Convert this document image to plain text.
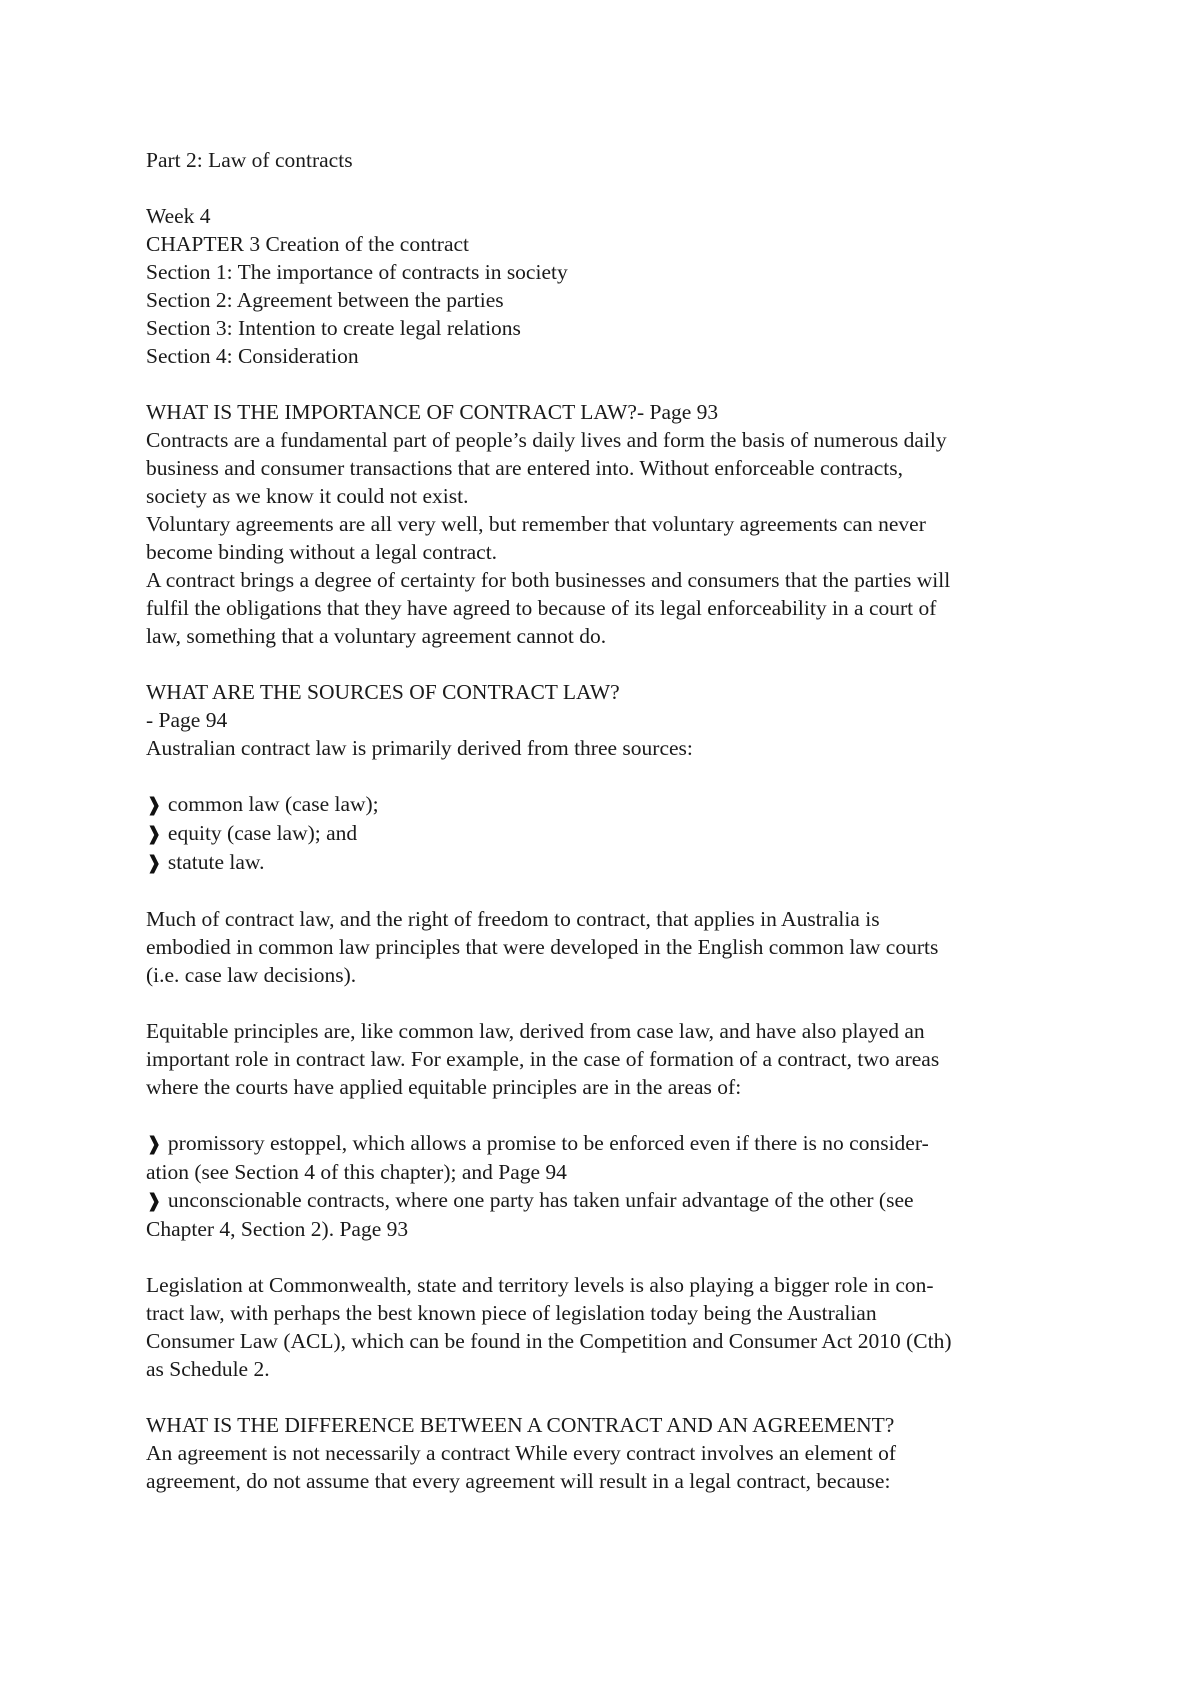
Part 2: Law of contracts
Week 4
CHAPTER 3 Creation of the contract
Section 1: The importance of contracts in society
Section 2: Agreement between the parties
Section 3: Intention to create legal relations
Section 4: Consideration
WHAT IS THE IMPORTANCE OF CONTRACT LAW?- Page 93
Contracts are a fundamental part of people’s daily lives and form the basis of numerous daily
business and consumer transactions that are entered into. Without enforceable contracts,
society as we know it could not exist.
Voluntary agreements are all very well, but remember that voluntary agreements can never
become binding without a legal contract.
A contract brings a degree of certainty for both businesses and consumers that the parties will
fulfil the obligations that they have agreed to because of its legal enforceability in a court of
law, something that a voluntary agreement cannot do.
WHAT ARE THE SOURCES OF CONTRACT LAW?
- Page 94
Australian contract law is primarily derived from three sources:
❱ common law (case law);
❱ equity (case law); and
❱ statute law.
Much of contract law, and the right of freedom to contract, that applies in Australia is
embodied in common law principles that were developed in the English common law courts
(i.e. case law decisions).
Equitable principles are, like common law, derived from case law, and have also played an
important role in contract law. For example, in the case of formation of a contract, two areas
where the courts have applied equitable principles are in the areas of:
❱ promissory estoppel, which allows a promise to be enforced even if there is no consider-
ation (see Section 4 of this chapter); and Page 94
❱ unconscionable contracts, where one party has taken unfair advantage of the other (see
Chapter 4, Section 2). Page 93
Legislation at Commonwealth, state and territory levels is also playing a bigger role in con-
tract law, with perhaps the best known piece of legislation today being the Australian
Consumer Law (ACL), which can be found in the Competition and Consumer Act 2010 (Cth)
as Schedule 2.
WHAT IS THE DIFFERENCE BETWEEN A CONTRACT AND AN AGREEMENT?
An agreement is not necessarily a contract While every contract involves an element of
agreement, do not assume that every agreement will result in a legal contract, because:
